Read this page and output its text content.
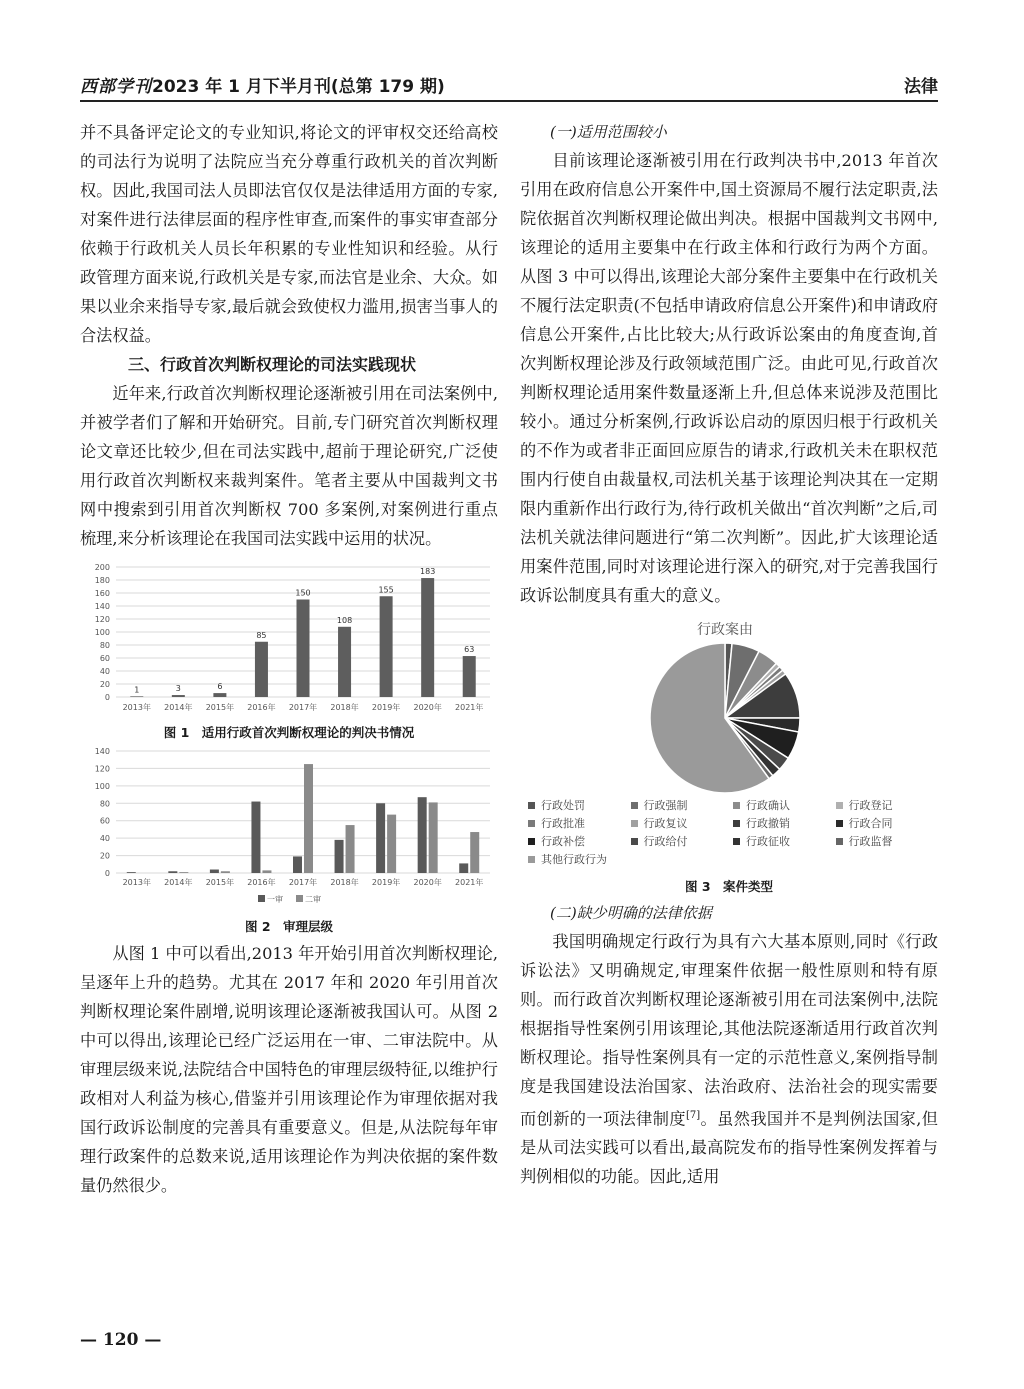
西部学刊2023 年 1 月下半月刊(总第 179 期)	法律

并不具备评定论文的专业知识,将论文的评审权交还给高校的司法行为说明了法院应当充分尊重行政机关的首次判断权。因此,我国司法人员即法官仅仅是法律适用方面的专家,对案件进行法律层面的程序性审查,而案件的事实审查部分依赖于行政机关人员长年积累的专业性知识和经验。从行政管理方面来说,行政机关是专家,而法官是业余、大众。如果以业余来指导专家,最后就会致使权力滥用,损害当事人的合法权益。

三、行政首次判断权理论的司法实践现状

近年来,行政首次判断权理论逐渐被引用在司法案例中,并被学者们了解和开始研究。目前,专门研究首次判断权理论文章还比较少,但在司法实践中,超前于理论研究,广泛使用行政首次判断权来裁判案件。笔者主要从中国裁判文书网中搜索到引用首次判断权 700 多案例,对案例进行重点梳理,来分析该理论在我国司法实践中运用的状况。

0
20
40
60
80
100
120
140
160
180
200
1
2013年
3
2014年
6
2015年
85
2016年
150
2017年
108
2018年
155
2019年
183
2020年
63
2021年
图 1　适用行政首次判断权理论的判决书情况
0
20
40
60
80
100
120
140
2013年 2014年 2015年 2016年 2017年 2018年 2019年 2020年 2021年
一审	二审
图 2　审理层级

从图 1 中可以看出,2013 年开始引用首次判断权理论,呈逐年上升的趋势。尤其在 2017 年和 2020 年引用首次判断权理论案件剧增,说明该理论逐渐被我国认可。从图 2 中可以得出,该理论已经广泛运用在一审、二审法院中。从审理层级来说,法院结合中国特色的审理层级特征,以维护行政相对人利益为核心,借鉴并引用该理论作为审理依据对我国行政诉讼制度的完善具有重要意义。但是,从法院每年审理行政案件的总数来说,适用该理论作为判决依据的案件数量仍然很少。

(一)适用范围较小

目前该理论逐渐被引用在行政判决书中,2013 年首次引用在政府信息公开案件中,国土资源局不履行法定职责,法院依据首次判断权理论做出判决。根据中国裁判文书网中,该理论的适用主要集中在行政主体和行政行为两个方面。从图 3 中可以得出,该理论大部分案件主要集中在行政机关不履行法定职责(不包括申请政府信息公开案件)和申请政府信息公开案件,占比比较大;从行政诉讼案由的角度查询,首次判断权理论涉及行政领域范围广泛。由此可见,行政首次判断权理论适用案件数量逐渐上升,但总体来说涉及范围比较小。通过分析案例,行政诉讼启动的原因归根于行政机关的不作为或者非正面回应原告的请求,行政机关未在职权范围内行使自由裁量权,司法机关基于该理论判决其在一定期限内重新作出行政行为,待行政机关做出“首次判断”之后,司法机关就法律问题进行“第二次判断”。因此,扩大该理论适用案件范围,同时对该理论进行深入的研究,对于完善我国行政诉讼制度具有重大的意义。

行政案由
行政处罚	行政强制	行政确认	行政登记
行政批准	行政复议	行政撤销	行政合同
行政补偿	行政给付	行政征收	行政监督
其他行政行为
图 3　案件类型
(二)缺少明确的法律依据

我国明确规定行政行为具有六大基本原则,同时《行政诉讼法》又明确规定,审理案件依据一般性原则和特有原则。而行政首次判断权理论逐渐被引用在司法案例中,法院根据指导性案例引用该理论,其他法院逐渐适用行政首次判断权理论。指导性案例具有一定的示范性意义,案例指导制度是我国建设法治国家、法治政府、法治社会的现实需要而创新的一项法律制度[7]。虽然我国并不是判例法国家,但是从司法实践可以看出,最高院发布的指导性案例发挥着与判例相似的功能。因此,适用

— 120 —
